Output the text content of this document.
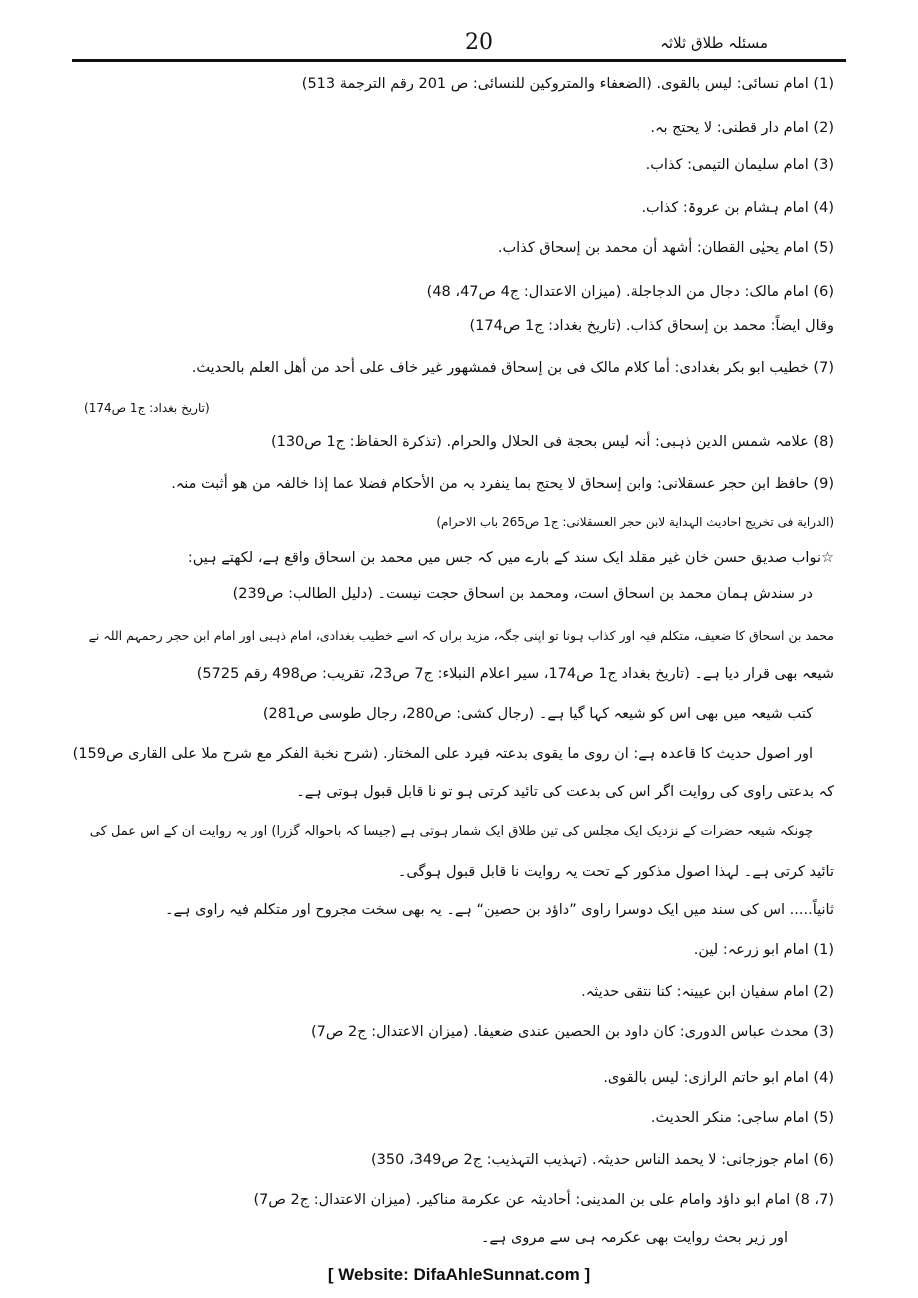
مسئلہ طلاق ثلاثہ
20
(1) امام نسائی: لیس بالقوی. (الضعفاء والمتروکین للنسائی: ص 201 رقم الترجمة 513)
(2) امام دار قطنی: لا یحتج بہ.
(3) امام سلیمان التیمی: کذاب.
(4) امام ہشام بن عروۃ: کذاب.
(5) امام یحیٰی القطان: أشھد أن محمد بن إسحاق کذاب.
(6) امام مالک: دجال من الدجاجلة. (میزان الاعتدال: ج4 ص47، 48)
وقال ایضاً: محمد بن إسحاق کذاب. (تاریخ بغداد: ج1 ص174)
(7) خطیب ابو بکر بغدادی: أما کلام مالک فی بن إسحاق فمشھور غیر خاف علی أحد من أھل العلم بالحدیث.
(تاریخ بغداد: ج1 ص174)
(8) علامہ شمس الدین ذہبی: أنہ لیس بحجة فی الحلال والحرام. (تذکرة الحفاظ: ج1 ص130)
(9) حافظ ابن حجر عسقلانی: وابن إسحاق لا یحتج بما ینفرد بہ من الأحکام فضلا عما إذا خالفہ من ھو أثبت منہ.
(الدرایة فی تخریج احادیث الہدایة لابن حجر العسقلانی: ج1 ص265 باب الاحرام)
☆نواب صدیق حسن خان غیر مقلد ایک سند کے بارے میں کہ جس میں محمد بن اسحاق واقع ہے، لکھتے ہیں:
در سندش ہمان محمد بن اسحاق است، ومحمد بن اسحاق حجت نیست۔ (دلیل الطالب: ص239)
محمد بن اسحاق کا ضعیف، متکلم فیہ اور کذاب ہونا تو اپنی جگہ، مزید براں کہ اسے خطیب بغدادی، امام ذہبی اور امام ابن حجر رحمہم اللہ نے
شیعہ بھی قرار دیا ہے۔ (تاریخ بغداد ج1 ص174، سیر اعلام النبلاء: ج7 ص23، تقریب: ص498 رقم 5725)
کتب شیعہ میں بھی اس کو شیعہ کہا گیا ہے۔ (رجال کشی: ص280، رجال طوسی ص281)
اور اصول حدیث کا قاعدہ ہے: ان روی ما یقوی بدعتہ فیرد علی المختار. (شرح نخبة الفکر مع شرح ملا علی القاری ص159)
کہ بدعتی راوی کی روایت اگر اس کی بدعت کی تائید کرتی ہو تو نا قابل قبول ہوتی ہے۔
چونکہ شیعہ حضرات کے نزدیک ایک مجلس کی تین طلاق ایک شمار ہوتی ہے (جیسا کہ باحوالہ گزرا) اور یہ روایت ان کے اس عمل کی
تائید کرتی ہے۔ لہذا اصول مذکور کے تحت یہ روایت نا قابل قبول ہوگی۔
ثانیاً..... اس کی سند میں ایک دوسرا راوی ”داؤد بن حصین“ ہے۔ یہ بھی سخت مجروح اور متکلم فیہ راوی ہے۔
(1) امام ابو زرعہ: لین.
(2) امام سفیان ابن عیینہ: کنا نتقی حدیثہ.
(3) محدث عباس الدوری: کان داود بن الحصین عندی ضعیفا. (میزان الاعتدال: ج2 ص7)
(4) امام ابو حاتم الرازی: لیس بالقوی.
(5) امام ساجی: منکر الحدیث.
(6) امام جوزجانی: لا یحمد الناس حدیثہ. (تہذیب التہذیب: ج2 ص349، 350)
(7، 8) امام ابو داؤد وامام علی بن المدینی: أحادیثہ عن عکرمة مناکیر. (میزان الاعتدال: ج2 ص7)
اور زیر بحث روایت بھی عکرمہ ہی سے مروی ہے۔
[ Website: DifaAhleSunnat.com ]
